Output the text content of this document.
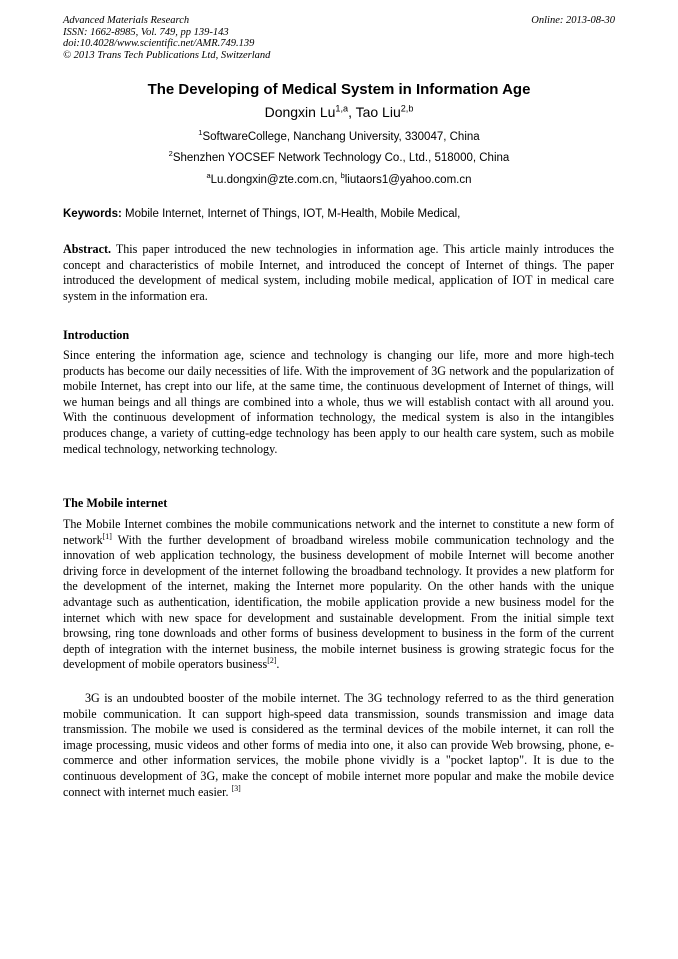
Advanced Materials Research
ISSN: 1662-8985, Vol. 749, pp 139-143
doi:10.4028/www.scientific.net/AMR.749.139
© 2013 Trans Tech Publications Ltd, Switzerland
Online: 2013-08-30
The Developing of Medical System in Information Age
Dongxin Lu$^{1,a}$, Tao Liu$^{2,b}$
$^1$SoftwareCollege, Nanchang University, 330047, China
$^2$Shenzhen YOCSEF Network Technology Co., Ltd., 518000, China
$^a$Lu.dongxin@zte.com.cn, $^b$liutaors1@yahoo.com.cn
Keywords: Mobile Internet, Internet of Things, IOT, M-Health, Mobile Medical,
Abstract. This paper introduced the new technologies in information age. This article mainly introduces the concept and characteristics of mobile Internet, and introduced the concept of Internet of things. The paper introduced the development of medical system, including mobile medical, application of IOT in medical care system in the information era.
Introduction
Since entering the information age, science and technology is changing our life, more and more high-tech products has become our daily necessities of life. With the improvement of 3G network and the popularization of mobile Internet, has crept into our life, at the same time, the continuous development of Internet of things, will we human beings and all things are combined into a whole, thus we will establish contact with all around you. With the continuous development of information technology, the medical system is also in the intangibles produces change, a variety of cutting-edge technology has been apply to our health care system, such as mobile medical technology, networking technology.
The Mobile internet
The Mobile Internet combines the mobile communications network and the internet to constitute a new form of network[1] With the further development of broadband wireless mobile communication technology and the innovation of web application technology, the business development of mobile Internet will become another driving force in development of the internet following the broadband technology. It provides a new platform for the development of the internet, making the Internet more popularity. On the other hands with the unique advantage such as authentication, identification, the mobile application provide a new business model for the internet which with new space for development and sustainable development. From the initial simple text browsing, ring tone downloads and other forms of business development to business in the form of the current depth of integration with the internet business, the mobile internet business is growing strategic focus for the development of mobile operators business[2].
3G is an undoubted booster of the mobile internet. The 3G technology referred to as the third generation mobile communication. It can support high-speed data transmission, sounds transmission and image data transmission. The mobile we used is considered as the terminal devices of the mobile internet, it can roll the image processing, music videos and other forms of media into one, it also can provide Web browsing, phone, e-commerce and other information services, the mobile phone vividly is a "pocket laptop". It is due to the continuous development of 3G, make the concept of mobile internet more popular and make the mobile device connect with internet much easier. [3]
